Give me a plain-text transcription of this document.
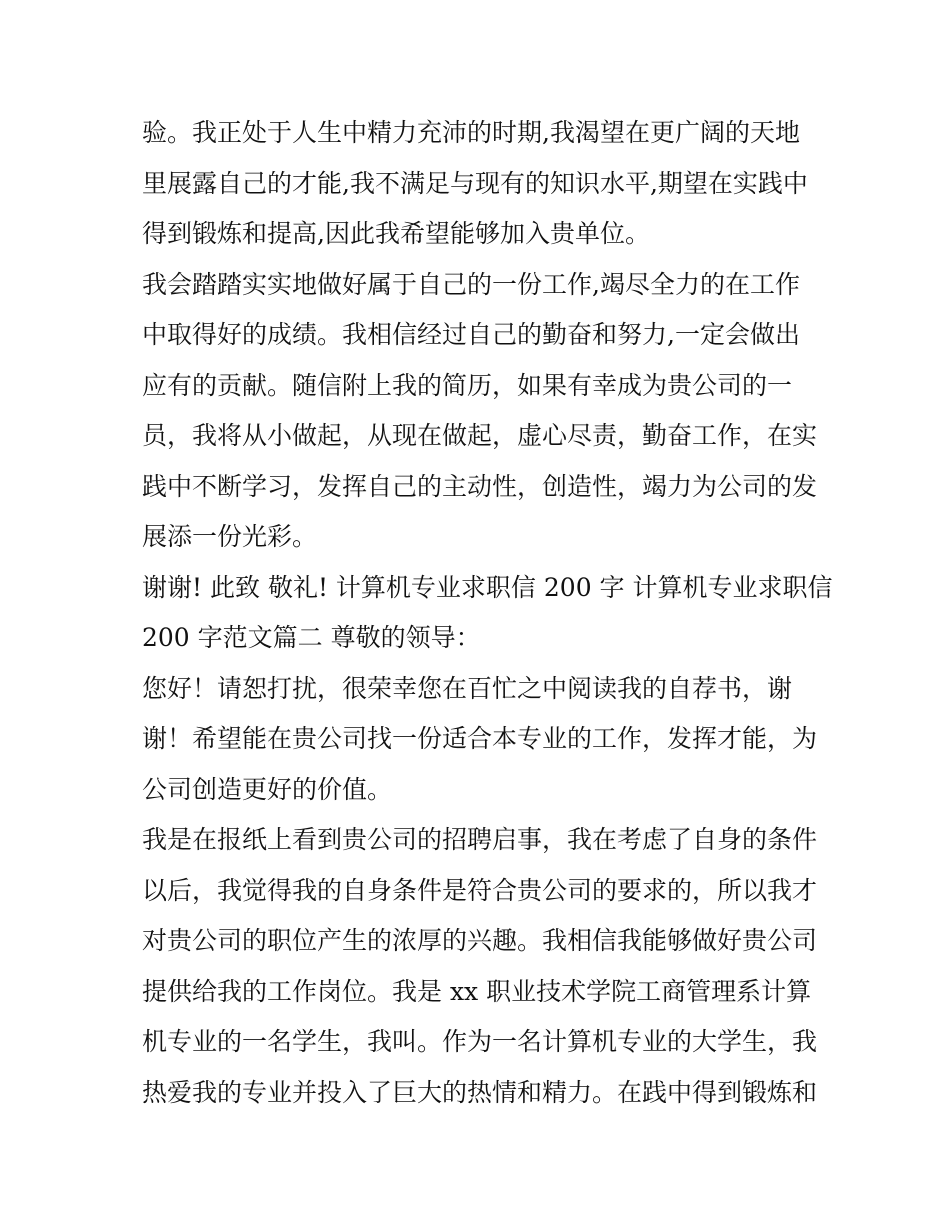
验。我正处于人生中精力充沛的时期,我渴望在更广阔的天地
里展露自己的才能,我不满足与现有的知识水平,期望在实践中
得到锻炼和提高,因此我希望能够加入贵单位。
我会踏踏实实地做好属于自己的一份工作,竭尽全力的在工作
中取得好的成绩。我相信经过自己的勤奋和努力,一定会做出
应有的贡献。随信附上我的简历，如果有幸成为贵公司的一
员，我将从小做起，从现在做起，虚心尽责，勤奋工作，在实
践中不断学习，发挥自己的主动性，创造性，竭力为公司的发
展添一份光彩。
谢谢! 此致 敬礼! 计算机专业求职信 200 字 计算机专业求职信
200 字范文篇二 尊敬的领导：
您好！请恕打扰，很荣幸您在百忙之中阅读我的自荐书，谢
谢！希望能在贵公司找一份适合本专业的工作，发挥才能，为
公司创造更好的价值。
我是在报纸上看到贵公司的招聘启事，我在考虑了自身的条件
以后，我觉得我的自身条件是符合贵公司的要求的，所以我才
对贵公司的职位产生的浓厚的兴趣。我相信我能够做好贵公司
提供给我的工作岗位。我是 xx 职业技术学院工商管理系计算
机专业的一名学生，我叫。作为一名计算机专业的大学生，我
热爱我的专业并投入了巨大的热情和精力。在践中得到锻炼和
